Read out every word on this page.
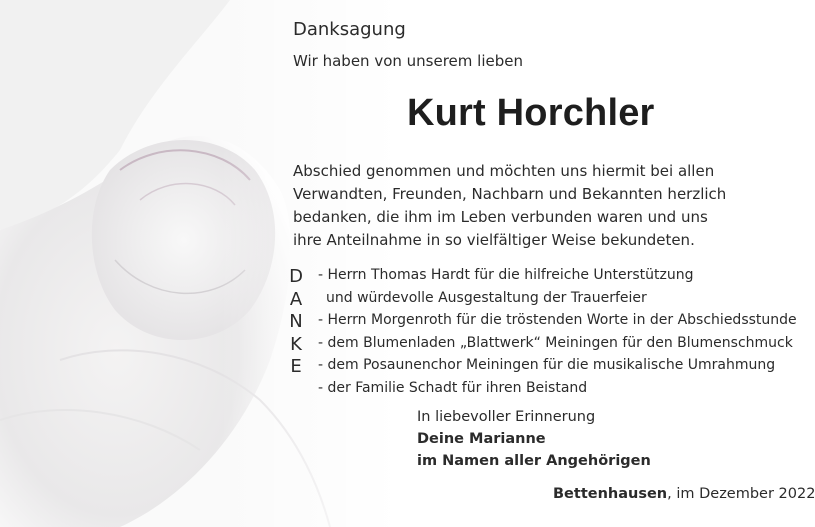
Danksagung
Wir haben von unserem lieben
Kurt Horchler
Abschied genommen und möchten uns hiermit bei allen
Verwandten, Freunden, Nachbarn und Bekannten herzlich
bedanken, die ihm im Leben verbunden waren und uns
ihre Anteilnahme in so vielfältiger Weise bekundeten.
D
A
N
K
E
- Herrn Thomas Hardt für die hilfreiche Unterstützung
und würdevolle Ausgestaltung der Trauerfeier
- Herrn Morgenroth für die tröstenden Worte in der Abschiedsstunde
- dem Blumenladen „Blattwerk“ Meiningen für den Blumenschmuck
- dem Posaunenchor Meiningen für die musikalische Umrahmung
- der Familie Schadt für ihren Beistand
In liebevoller Erinnerung
Deine Marianne
im Namen aller Angehörigen
Bettenhausen, im Dezember 2022
